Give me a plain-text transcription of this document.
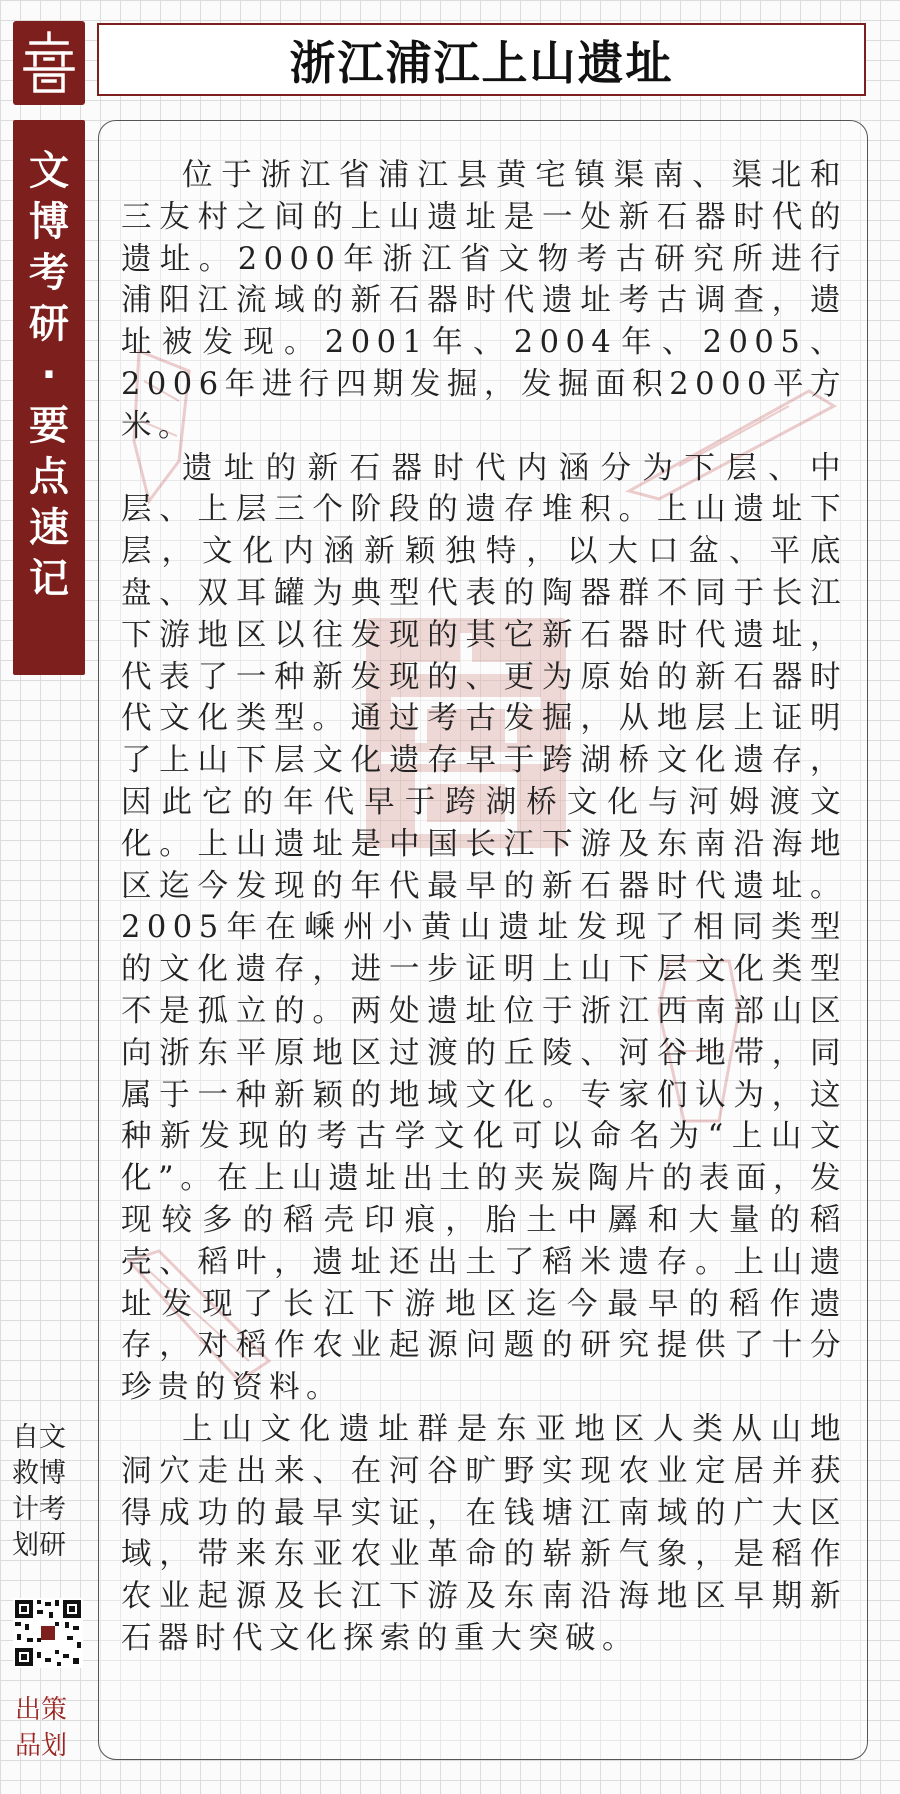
文
博
考
研
·
要
点
速
记
浙江浦江上山遗址

位于浙江省浦江县黄宅镇渠南、渠北和三友村之间的上山遗址是一处新石器时代的遗址。2000年浙江省文物考古研究所进行浦阳江流域的新石器时代遗址考古调查，遗址被发现。2001年、2004年、2005、2006年进行四期发掘，发掘面积2000平方米。

遗址的新石器时代内涵分为下层、中层、上层三个阶段的遗存堆积。上山遗址下层，文化内涵新颖独特，以大口盆、平底盘、双耳罐为典型代表的陶器群不同于长江下游地区以往发现的其它新石器时代遗址，代表了一种新发现的、更为原始的新石器时代文化类型。通过考古发掘，从地层上证明了上山下层文化遗存早于跨湖桥文化遗存，因此它的年代早于跨湖桥文化与河姆渡文化。上山遗址是中国长江下游及东南沿海地区迄今发现的年代最早的新石器时代遗址。2005年在嵊州小黄山遗址发现了相同类型的文化遗存，进一步证明上山下层文化类型不是孤立的。两处遗址位于浙江西南部山区向浙东平原地区过渡的丘陵、河谷地带，同属于一种新颖的地域文化。专家们认为，这种新发现的考古学文化可以命名为“上山文化”。在上山遗址出土的夹炭陶片的表面，发现较多的稻壳印痕，胎土中羼和大量的稻壳、稻叶，遗址还出土了稻米遗存。上山遗址发现了长江下游地区迄今最早的稻作遗存，对稻作农业起源问题的研究提供了十分珍贵的资料。

上山文化遗址群是东亚地区人类从山地洞穴走出来、在河谷旷野实现农业定居并获得成功的最早实证，在钱塘江南域的广大区域，带来东亚农业革命的崭新气象，是稻作农业起源及长江下游及东南沿海地区早期新石器时代文化探索的重大突破。

自文
救博
计考
划研
出策
品划
